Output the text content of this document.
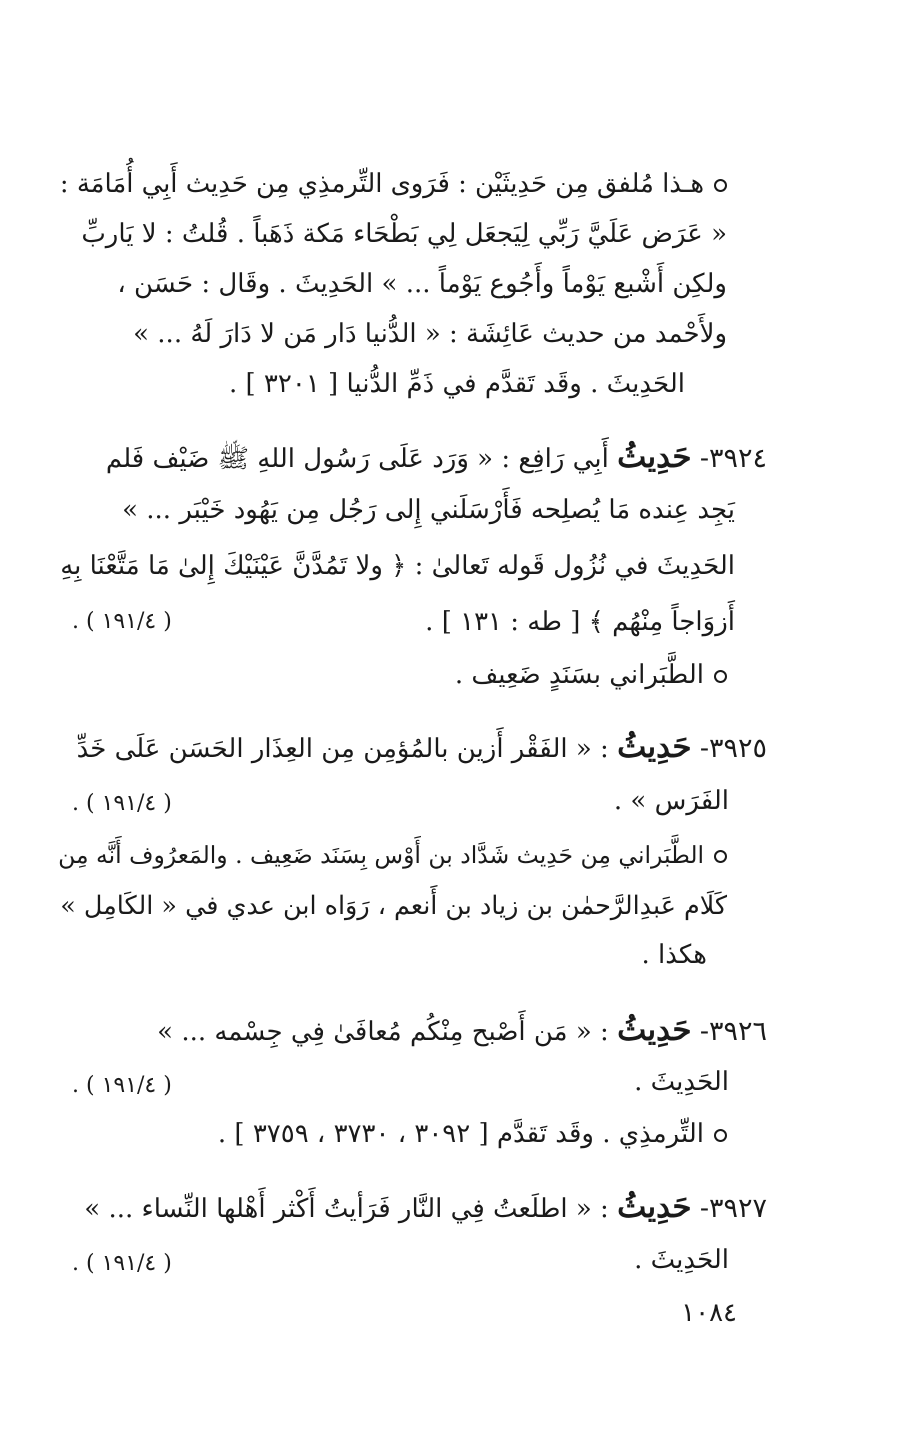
هـذا مُلفق مِن حَدِيثَيْن : فَرَوى التِّرمذِي مِن حَدِيث أَبِي أُمَامَة :
« عَرَض عَلَيَّ رَبِّي لِيَجعَل لِي بَطْحَاء مَكة ذَهَباً . قُلتُ : لا يَاربِّ
ولكِن أَشْبع يَوْماً وأَجُوع يَوْماً ... » الحَدِيثَ . وقَال : حَسَن ،
ولأَحْمد من حديث عَائِشَة : « الدُّنيا دَار مَن لا دَارَ لَهُ ... »
الحَدِيثَ . وقَد تَقدَّم في ذَمِّ الدُّنيا [ ٣٢٠١ ] .
٣٩٢٤- حَدِيثُ أَبِي رَافِع : « وَرَد عَلَى رَسُول اللهِ ﷺ ضَيْف فَلم
يَجِد عِنده مَا يُصلِحه فَأَرْسَلَني إِلى رَجُل مِن يَهُود خَيْبَر ... »
الحَدِيثَ في نُزُول قَوله تَعالىٰ : ﴿ ولا تَمُدَّنَّ عَيْنَيْكَ إِلىٰ مَا مَتَّعْنَا بِهِ
أَزوَاجاً مِنْهُم ﴾ [ طه : ١٣١ ] .
( ١٩١/٤ ) .
الطَّبَراني بسَنَدٍ ضَعِيف .
٣٩٢٥- حَدِيثُ : « الفَقْر أَزين بالمُؤمِن مِن العِذَار الحَسَن عَلَى خَدِّ
الفَرَس » .
( ١٩١/٤ ) .
الطَّبَراني مِن حَدِيث شَدَّاد بن أَوْس بِسَنَد ضَعِيف . والمَعرُوف أَنَّه مِن
كَلَام عَبدِالرَّحمٰن بن زياد بن أَنعم ، رَوَاه ابن عدي في « الكَامِل »
هكذا .
٣٩٢٦- حَدِيثُ : « مَن أَصْبح مِنْكُم مُعافَىٰ فِي جِسْمه ... »
الحَدِيثَ .
( ١٩١/٤ ) .
التِّرمذِي . وقَد تَقدَّم [ ٣٠٩٢ ، ٣٧٣٠ ، ٣٧٥٩ ] .
٣٩٢٧- حَدِيثُ : « اطلَعتُ فِي النَّار فَرَأيتُ أَكْثر أَهْلها النِّساء ... »
الحَدِيثَ .
( ١٩١/٤ ) .
١٠٨٤
